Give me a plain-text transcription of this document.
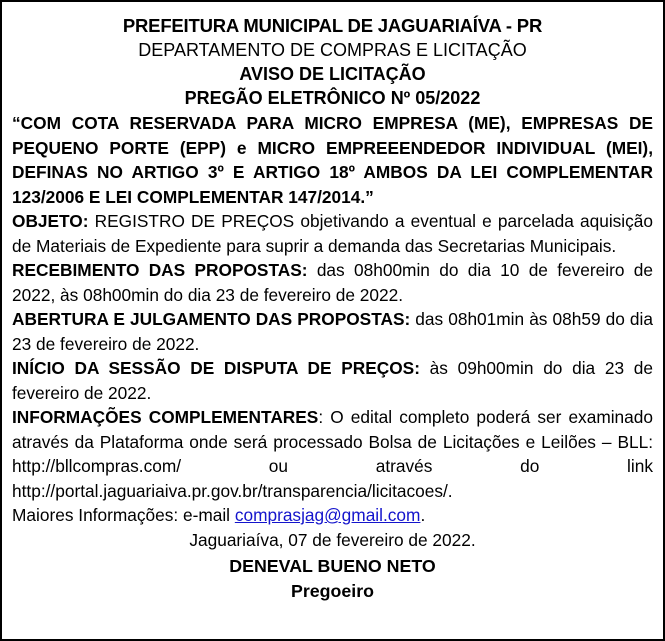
PREFEITURA MUNICIPAL DE JAGUARIAÍVA - PR
DEPARTAMENTO DE COMPRAS E LICITAÇÃO
AVISO DE LICITAÇÃO
PREGÃO ELETRÔNICO Nº 05/2022

“COM COTA RESERVADA PARA MICRO EMPRESA (ME), EMPRESAS DE PEQUENO PORTE (EPP) e MICRO EMPREEENDEDOR INDIVIDUAL (MEI), DEFINAS NO ARTIGO 3º E ARTIGO 18º AMBOS DA LEI COMPLEMENTAR 123/2006 E LEI COMPLEMENTAR 147/2014.”

OBJETO: REGISTRO DE PREÇOS objetivando a eventual e parcelada aquisição de Materiais de Expediente para suprir a demanda das Secretarias Municipais.

RECEBIMENTO DAS PROPOSTAS: das 08h00min do dia 10 de fevereiro de 2022, às 08h00min do dia 23 de fevereiro de 2022.

ABERTURA E JULGAMENTO DAS PROPOSTAS: das 08h01min às 08h59 do dia 23 de fevereiro de 2022.

INÍCIO DA SESSÃO DE DISPUTA DE PREÇOS: às 09h00min do dia 23 de fevereiro de 2022.

INFORMAÇÕES COMPLEMENTARES: O edital completo poderá ser examinado através da Plataforma onde será processado Bolsa de Licitações e Leilões – BLL: http://bllcompras.com/ ou através do link http://portal.jaguariaiva.pr.gov.br/transparencia/licitacoes/.

Maiores Informações: e-mail comprasjag@gmail.com.

Jaguariaíva, 07 de fevereiro de 2022.
DENEVAL BUENO NETO
Pregoeiro
